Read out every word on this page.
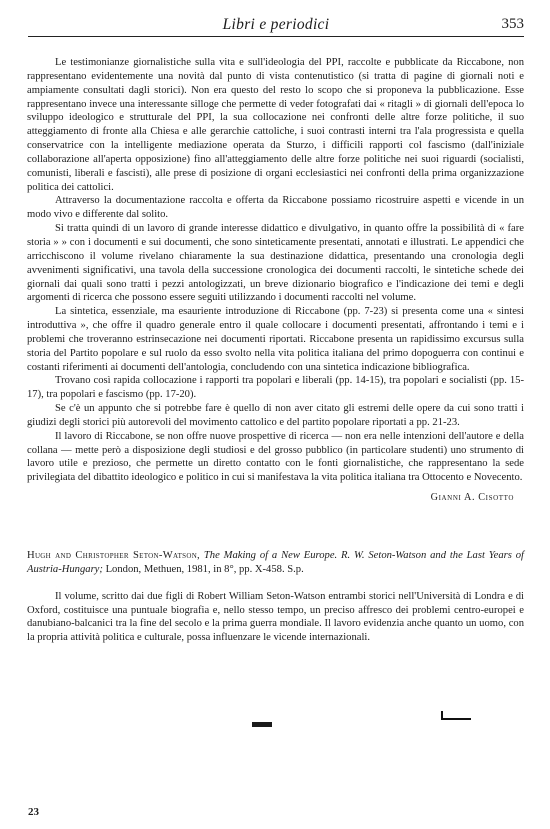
Libri e periodici	353

Le testimonianze giornalistiche sulla vita e sull'ideologia del PPI, raccolte e pubblicate da Riccabone, non rappresentano evidentemente una novità dal punto di vista contenutistico (si tratta di pagine di giornali noti e ampiamente consultati dagli storici). Non era questo del resto lo scopo che si proponeva la pubblicazione. Esse rappresentano invece una interessante silloge che permette di veder fotografati dai « ritagli » di giornali dell'epoca lo sviluppo ideologico e strutturale del PPI, la sua collocazione nei confronti delle altre forze politiche, il suo atteggiamento di fronte alla Chiesa e alle gerarchie cattoliche, i suoi contrasti interni tra l'ala progressista e quella conservatrice con la intelligente mediazione operata da Sturzo, i difficili rapporti col fascismo (dall'iniziale collaborazione all'aperta opposizione) fino all'atteggiamento delle altre forze politiche nei suoi riguardi (socialisti, comunisti, liberali e fascisti), alle prese di posizione di organi ecclesiastici nei confronti della prima organizzazione politica dei cattolici.

Attraverso la documentazione raccolta e offerta da Riccabone possiamo ricostruire aspetti e vicende in un modo vivo e differente dal solito.

Si tratta quindi di un lavoro di grande interesse didattico e divulgativo, in quanto offre la possibilità di « fare storia » » con i documenti e sui documenti, che sono sinteticamente presentati, annotati e illustrati. Le appendici che arricchiscono il volume rivelano chiaramente la sua destinazione didattica, presentando una cronologia degli avvenimenti significativi, una tavola della successione cronologica dei documenti raccolti, le sintetiche schede dei giornali dai quali sono tratti i pezzi antologizzati, un breve dizionario biografico e l'indicazione dei temi e degli argomenti di ricerca che possono essere seguiti utilizzando i documenti raccolti nel volume.

La sintetica, essenziale, ma esauriente introduzione di Riccabone (pp. 7-23) si presenta come una « sintesi introduttiva », che offre il quadro generale entro il quale collocare i documenti presentati, affrontando i temi e i problemi che troveranno estrinsecazione nei documenti riportati. Riccabone presenta un rapidissimo excursus sulla storia del Partito popolare e sul ruolo da esso svolto nella vita politica italiana del primo dopoguerra con continui e costanti riferimenti ai documenti dell'antologia, concludendo con una sintetica indicazione bibliografica.

Trovano così rapida collocazione i rapporti tra popolari e liberali (pp. 14-15), tra popolari e socialisti (pp. 15-17), tra popolari e fascismo (pp. 17-20).

Se c'è un appunto che si potrebbe fare è quello di non aver citato gli estremi delle opere da cui sono tratti i giudizi degli storici più autorevoli del movimento cattolico e del partito popolare riportati a pp. 21-23.

Il lavoro di Riccabone, se non offre nuove prospettive di ricerca — non era nelle intenzioni dell'autore e della collana — mette però a disposizione degli studiosi e del grosso pubblico (in particolare studenti) uno strumento di lavoro utile e prezioso, che permette un diretto contatto con le fonti giornalistiche, che rappresentano la sede privilegiata del dibattito ideologico e politico in cui si manifestava la vita politica italiana tra Ottocento e Novecento.

Gianni A. Cisotto

Hugh and Christopher Seton-Watson, The Making of a New Europe. R. W. Seton-Watson and the Last Years of Austria-Hungary; London, Methuen, 1981, in 8°, pp. X-458. S.p.

Il volume, scritto dai due figli di Robert William Seton-Watson entrambi storici nell'Università di Londra e di Oxford, costituisce una puntuale biografia e, nello stesso tempo, un preciso affresco dei problemi centro-europei e danubiano-balcanici tra la fine del secolo e la prima guerra mondiale. Il lavoro evidenzia anche quanto un uomo, con la propria attività politica e culturale, possa influenzare le vicende internazionali.

23
